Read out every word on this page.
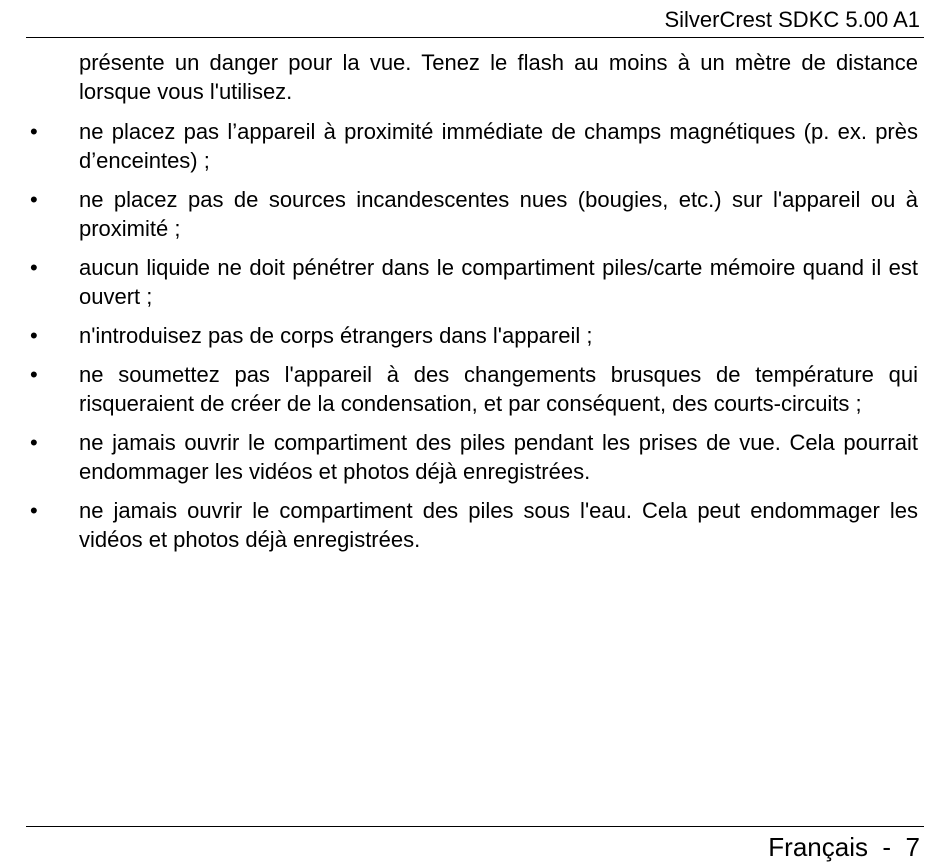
SilverCrest SDKC 5.00 A1

présente un danger pour la vue. Tenez le flash au moins à un mètre de distance lorsque vous l'utilisez.

•	ne placez pas l’appareil à proximité immédiate de champs magnétiques (p. ex. près d’enceintes) ;
•	ne placez pas de sources incandescentes nues (bougies, etc.) sur l'appareil ou à proximité ;
•	aucun liquide ne doit pénétrer dans le compartiment piles/carte mémoire quand il est ouvert ;
•	n'introduisez pas de corps étrangers dans l'appareil ;
•	ne soumettez pas l'appareil à des changements brusques de température qui risqueraient de créer de la condensation, et par conséquent, des courts-circuits ;
•	ne jamais ouvrir le compartiment des piles pendant les prises de vue. Cela pourrait endommager les vidéos et photos déjà enregistrées.
•	ne jamais ouvrir le compartiment des piles sous l'eau. Cela peut endommager les vidéos et photos déjà enregistrées.
Français  -  7
